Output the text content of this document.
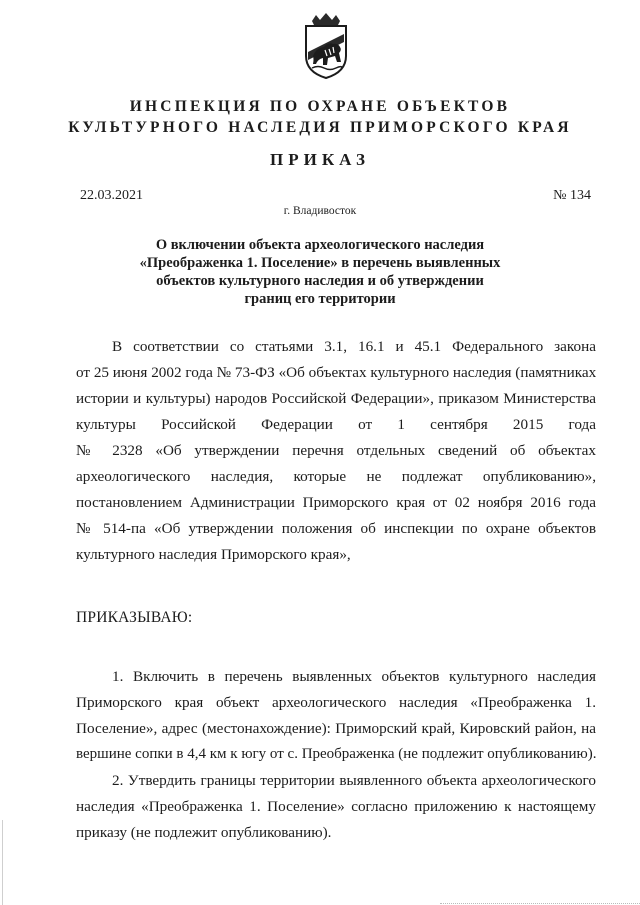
ИНСПЕКЦИЯ ПО ОХРАНЕ ОБЪЕКТОВ
КУЛЬТУРНОГО НАСЛЕДИЯ ПРИМОРСКОГО КРАЯ
ПРИКАЗ
22.03.2021	№ 134
г. Владивосток
О включении объекта археологического наследия
«Преображенка 1. Поселение» в перечень выявленных
объектов культурного наследия и об утверждении
границ его территории
В соответствии со статьями 3.1, 16.1 и 45.1 Федерального закона
от 25 июня 2002 года № 73-ФЗ «Об объектах культурного наследия (памятниках
истории и культуры) народов Российской Федерации», приказом Министерства
культуры Российской Федерации от 1 сентября 2015 года
№ 2328 «Об утверждении перечня отдельных сведений об объектах
археологического наследия, которые не подлежат опубликованию»,
постановлением Администрации Приморского края от 02 ноября 2016 года
№ 514-па «Об утверждении положения об инспекции по охране объектов
культурного наследия Приморского края»,
ПРИКАЗЫВАЮ:
1. Включить в перечень выявленных объектов культурного наследия
Приморского края объект археологического наследия «Преображенка 1.
Поселение», адрес (местонахождение): Приморский край, Кировский район, на
вершине сопки в 4,4 км к югу от с. Преображенка (не подлежит опубликованию).
2. Утвердить границы территории выявленного объекта археологического
наследия «Преображенка 1. Поселение» согласно приложению к настоящему
приказу (не подлежит опубликованию).
